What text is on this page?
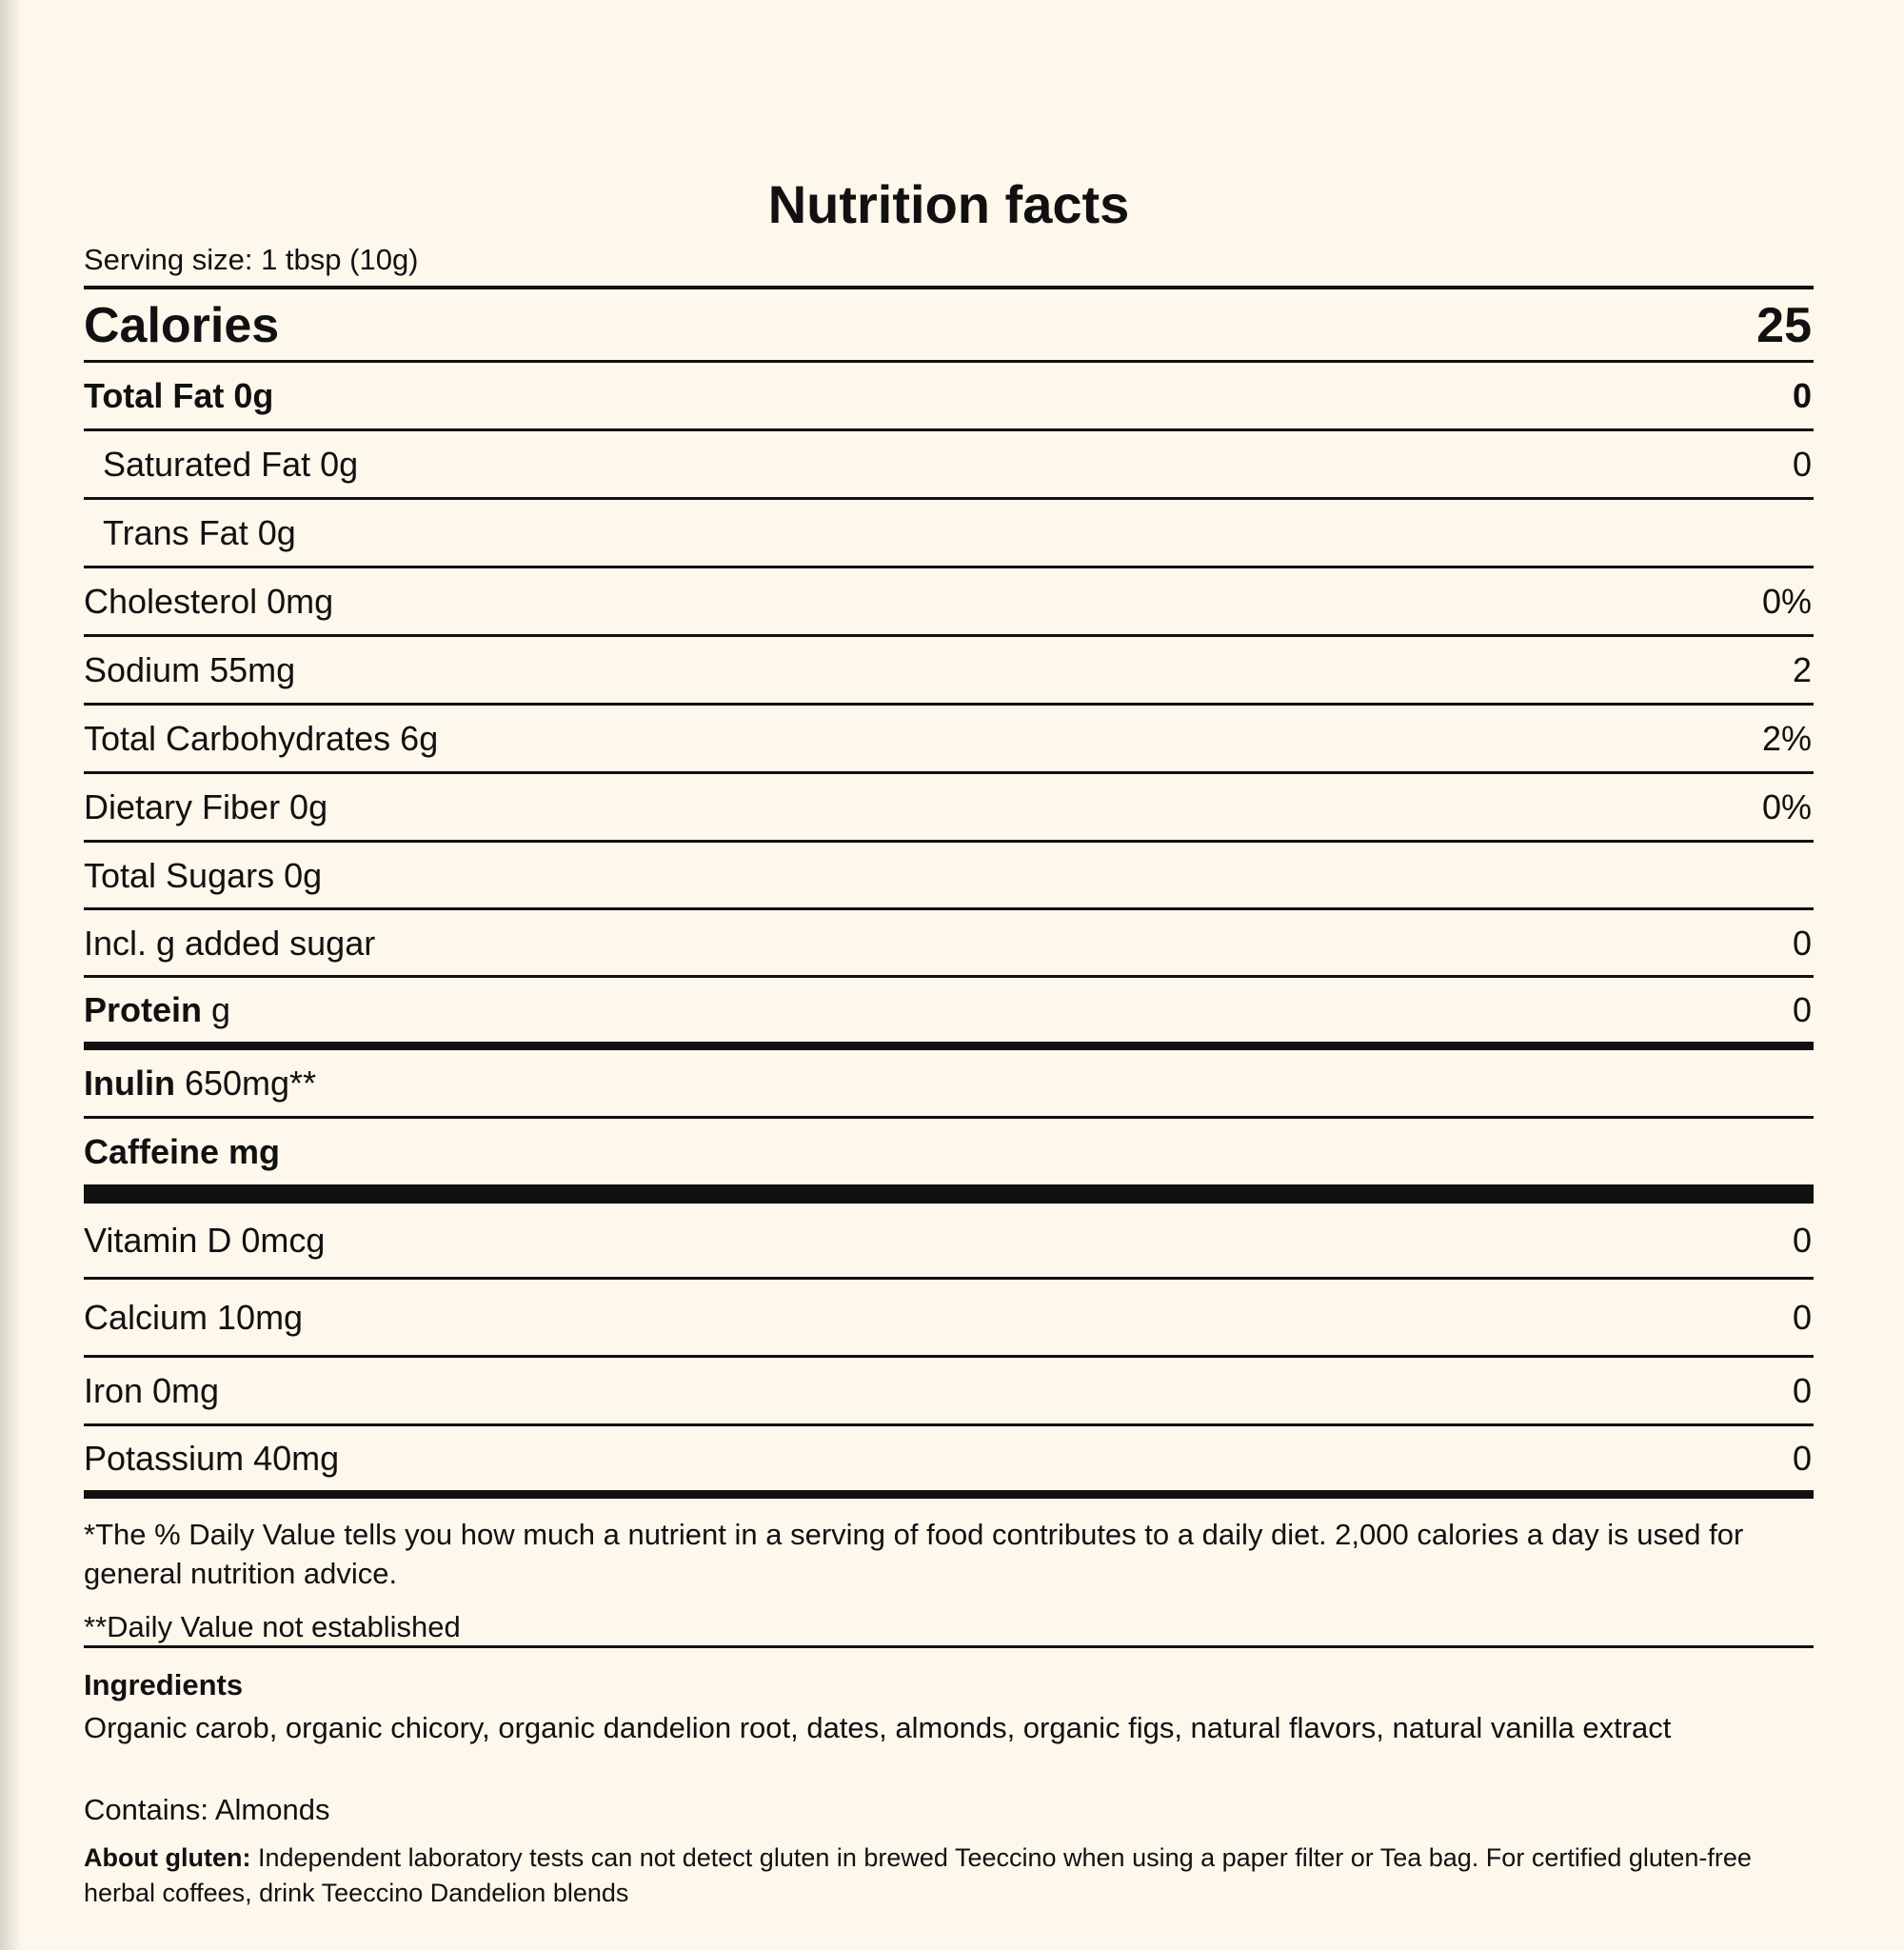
Nutrition facts
Serving size: 1 tbsp (10g)
Calories	25
Total Fat 0g	0
Saturated Fat 0g	0
Trans Fat 0g
Cholesterol 0mg	0%
Sodium 55mg	2
Total Carbohydrates 6g	2%
Dietary Fiber 0g	0%
Total Sugars 0g
Incl. g added sugar	0
Protein g	0
Inulin 650mg**
Caffeine mg
Vitamin D 0mcg	0
Calcium 10mg	0
Iron 0mg	0
Potassium 40mg	0
*The % Daily Value tells you how much a nutrient in a serving of food contributes to a daily diet. 2,000 calories a day is used for general nutrition advice.
**Daily Value not established
Ingredients
Organic carob, organic chicory, organic dandelion root, dates, almonds, organic figs, natural flavors, natural vanilla extract
Contains: Almonds
About gluten: Independent laboratory tests can not detect gluten in brewed Teeccino when using a paper filter or Tea bag. For certified gluten-free herbal coffees, drink Teeccino Dandelion blends
